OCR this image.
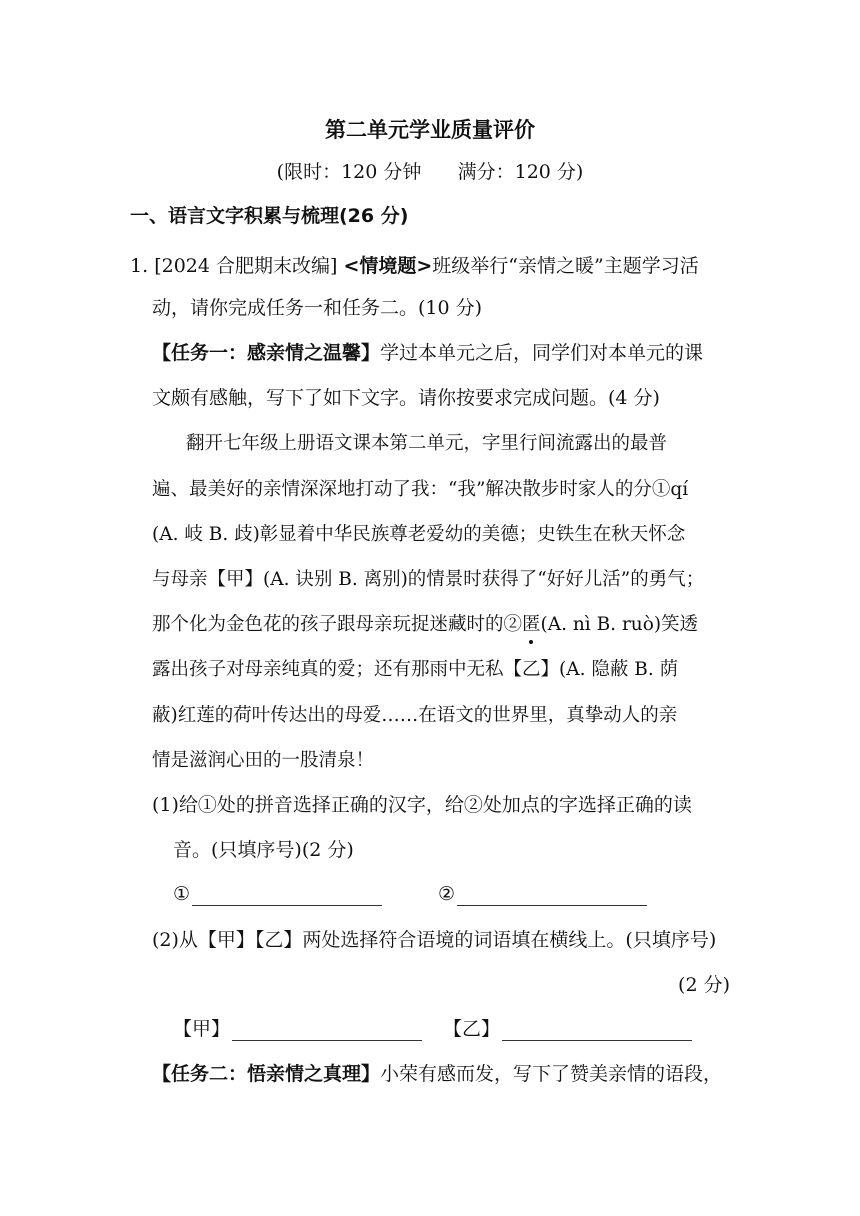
第二单元学业质量评价
(限时：120 分钟      满分：120 分)
一、语言文字积累与梳理(26 分)
1. [2024 合肥期末改编] <情境题>班级举行“亲情之暖”主题学习活
动，请你完成任务一和任务二。(10 分)
【任务一：感亲情之温馨】学过本单元之后，同学们对本单元的课
文颇有感触，写下了如下文字。请你按要求完成问题。(4 分)
翻开七年级上册语文课本第二单元，字里行间流露出的最普
遍、最美好的亲情深深地打动了我：“我”解决散步时家人的分①qí
(A. 岐 B. 歧)彰显着中华民族尊老爱幼的美德；史铁生在秋天怀念
与母亲【甲】(A. 诀别 B. 离别)的情景时获得了“好好儿活”的勇气；
那个化为金色花的孩子跟母亲玩捉迷藏时的②匿(A. nì B. ruò)笑透
露出孩子对母亲纯真的爱；还有那雨中无私【乙】(A. 隐蔽 B. 荫
蔽)红莲的荷叶传达出的母爱……在语文的世界里，真挚动人的亲
情是滋润心田的一股清泉！
(1)给①处的拼音选择正确的汉字，给②处加点的字选择正确的读
音。(只填序号)(2 分)
①	②
(2)从【甲】【乙】两处选择符合语境的词语填在横线上。(只填序号)
(2 分)
【甲】	【乙】
【任务二：悟亲情之真理】小荣有感而发，写下了赞美亲情的语段，
